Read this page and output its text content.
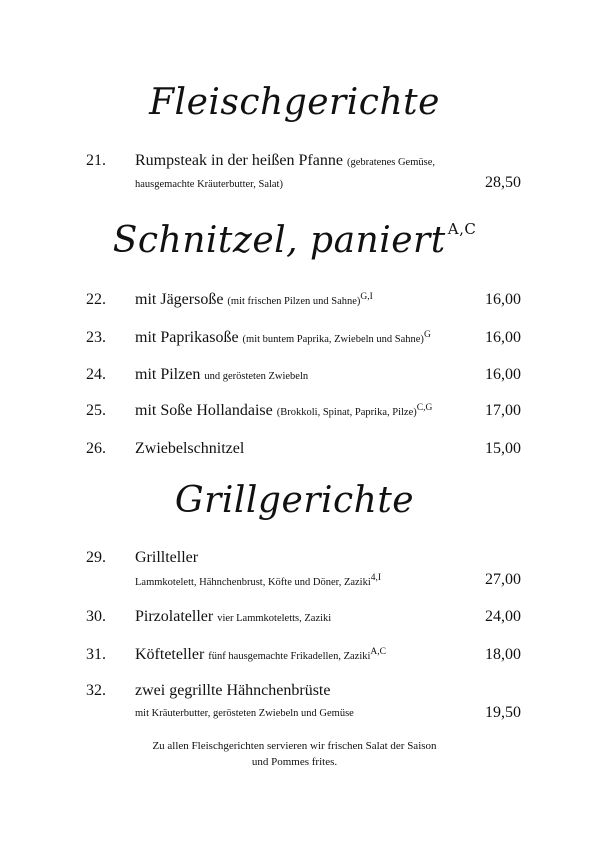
Fleischgerichte
21. Rumpsteak in der heißen Pfanne (gebratenes Gemüse,
hausgemachte Kräuterbutter, Salat)	28,50
Schnitzel, paniert $^{A,C}$
22. mit Jägersoße (mit frischen Pilzen und Sahne)$^{G,I}$	16,00
23. mit Paprikasoße (mit buntem Paprika, Zwiebeln und Sahne)$^G$	16,00
24. mit Pilzen und gerösteten Zwiebeln	16,00
25. mit Soße Hollandaise (Brokkoli, Spinat, Paprika, Pilze)$^{C,G}$	17,00
26. Zwiebelschnitzel	15,00
Grillgerichte
29. Grillteller
Lammkotelett, Hähnchenbrust, Köfte und Döner, Zaziki$^{4,I}$	27,00
30. Pirzolateller vier Lammkoteletts, Zaziki	24,00
31. Köfteteller fünf hausgemachte Frikadellen, Zaziki$^{A,C}$	18,00
32. zwei gegrillte Hähnchenbrüste
mit Kräuterbutter, gerösteten Zwiebeln und Gemüse	19,50
Zu allen Fleischgerichten servieren wir frischen Salat der Saison
und Pommes frites.
